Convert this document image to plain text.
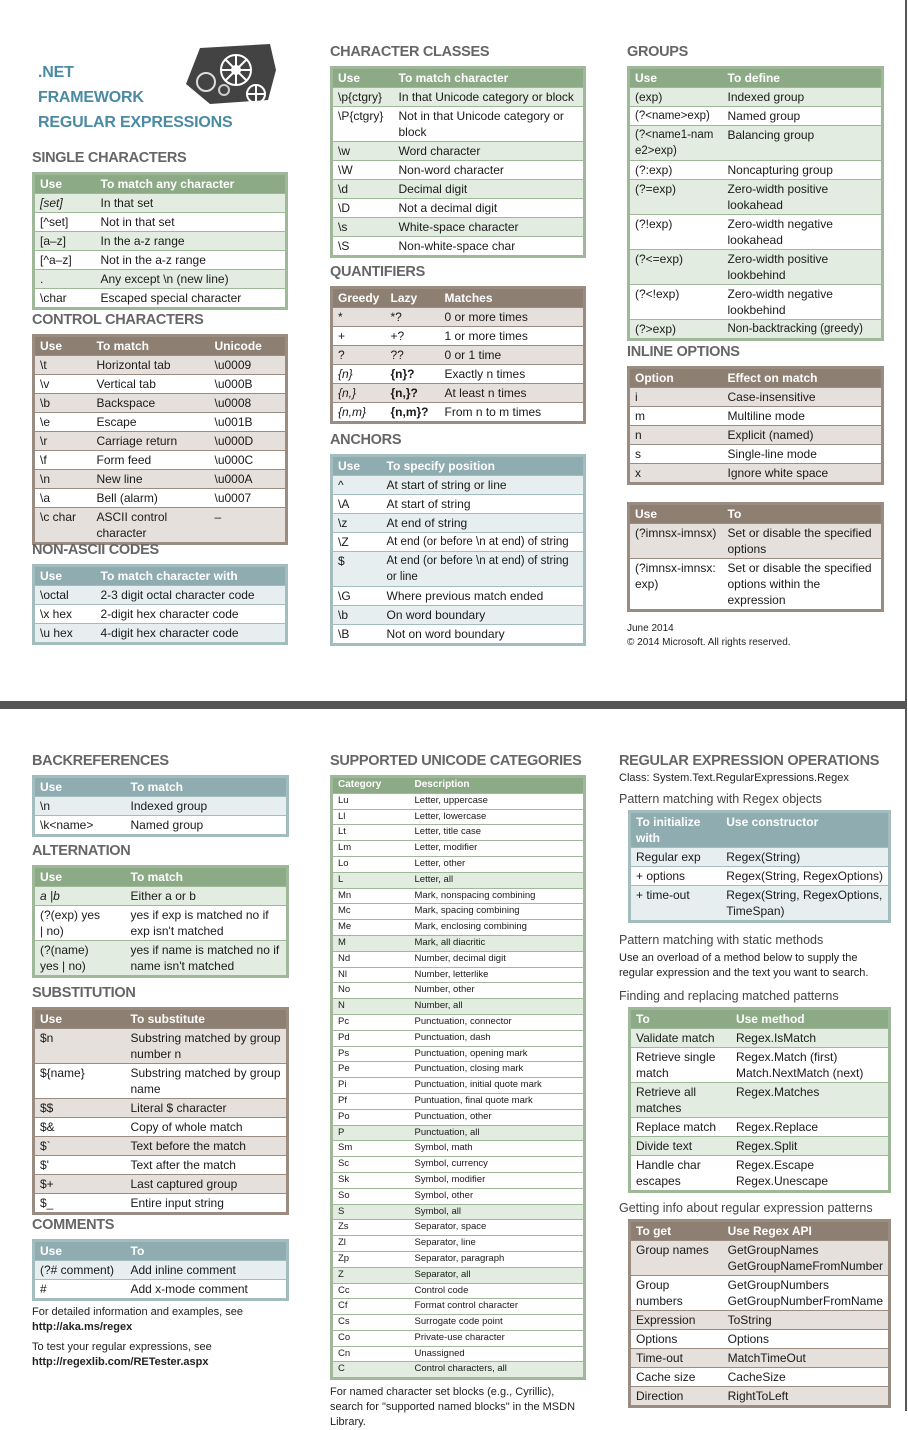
.NET
FRAMEWORK
REGULAR EXPRESSIONS
SINGLE CHARACTERS
Use	To match any character
[set]	In that set
[^set]	Not in that set
[a–z]	In the a-z range
[^a–z]	Not in the a-z range
.	Any except \n (new line)
\char	Escaped special character
CONTROL CHARACTERS
Use	To match	Unicode
\t	Horizontal tab	\u0009
\v	Vertical tab	\u000B
\b	Backspace	\u0008
\e	Escape	\u001B
\r	Carriage return	\u000D
\f	Form feed	\u000C
\n	New line	\u000A
\a	Bell (alarm)	\u0007
\c char	ASCII control character	–
NON-ASCII CODES
Use	To match character with
\octal	2-3 digit octal character code
\x hex	2-digit hex character code
\u hex	4-digit hex character code
CHARACTER CLASSES
Use	To match character
\p{ctgry}	In that Unicode category or block
\P{ctgry}	Not in that Unicode category or block
\w	Word character
\W	Non-word character
\d	Decimal digit
\D	Not a decimal digit
\s	White-space character
\S	Non-white-space char
QUANTIFIERS
Greedy	Lazy	Matches
*	*?	0 or more times
+	+?	1 or more times
?	??	0 or 1 time
{n}	{n}?	Exactly n times
{n,}	{n,}?	At least n times
{n,m}	{n,m}?	From n to m times
ANCHORS
Use	To specify position
^	At start of string or line
\A	At start of string
\z	At end of string
\Z	At end (or before \n at end) of string
$	At end (or before \n at end) of string or line
\G	Where previous match ended
\b	On word boundary
\B	Not on word boundary
GROUPS
Use	To define
(exp)	Indexed group
(?<name>exp)	Named group
(?<name1-name2>exp)	Balancing group
(?:exp)	Noncapturing group
(?=exp)	Zero-width positive lookahead
(?!exp)	Zero-width negative lookahead
(?<=exp)	Zero-width positive lookbehind
(?<!exp)	Zero-width negative lookbehind
(?>exp)	Non-backtracking (greedy)
INLINE OPTIONS
Option	Effect on match
i	Case-insensitive
m	Multiline mode
n	Explicit (named)
s	Single-line mode
x	Ignore white space
Use	To
(?imnsx-imnsx)	Set or disable the specified options
(?imnsx-imnsx:exp)	Set or disable the specified options within the expression
June 2014
© 2014 Microsoft. All rights reserved.
BACKREFERENCES
Use	To match
\n	Indexed group
\k<name>	Named group
ALTERNATION
Use	To match
a |b	Either a or b
(?(exp) yes | no)	yes if exp is matched no if exp isn't matched
(?(name) yes | no)	yes if name is matched no if name isn't matched
SUBSTITUTION
Use	To substitute
$n	Substring matched by group number n
${name}	Substring matched by group name
$$	Literal $ character
$&	Copy of whole match
$`	Text before the match
$'	Text after the match
$+	Last captured group
$_	Entire input string
COMMENTS
Use	To
(?# comment)	Add inline comment
#	Add x-mode comment
For detailed information and examples, see
http://aka.ms/regex
To test your regular expressions, see
http://regexlib.com/RETester.aspx
SUPPORTED UNICODE CATEGORIES
Category	Description
Lu	Letter, uppercase
Ll	Letter, lowercase
Lt	Letter, title case
Lm	Letter, modifier
Lo	Letter, other
L	Letter, all
Mn	Mark, nonspacing combining
Mc	Mark, spacing combining
Me	Mark, enclosing combining
M	Mark, all diacritic
Nd	Number, decimal digit
Nl	Number, letterlike
No	Number, other
N	Number, all
Pc	Punctuation, connector
Pd	Punctuation, dash
Ps	Punctuation, opening mark
Pe	Punctuation, closing mark
Pi	Punctuation, initial quote mark
Pf	Puntuation, final quote mark
Po	Punctuation, other
P	Punctuation, all
Sm	Symbol, math
Sc	Symbol, currency
Sk	Symbol, modifier
So	Symbol, other
S	Symbol, all
Zs	Separator, space
Zl	Separator, line
Zp	Separator, paragraph
Z	Separator, all
Cc	Control code
Cf	Format control character
Cs	Surrogate code point
Co	Private-use character
Cn	Unassigned
C	Control characters, all
For named character set blocks (e.g., Cyrillic), search for "supported named blocks" in the MSDN Library.
REGULAR EXPRESSION OPERATIONS
Class: System.Text.RegularExpressions.Regex
Pattern matching with Regex objects
To initialize with	Use constructor
Regular exp	Regex(String)
+ options	Regex(String, RegexOptions)
+ time-out	Regex(String, RegexOptions, TimeSpan)
Pattern matching with static methods
Use an overload of a method below to supply the regular expression and the text you want to search.
Finding and replacing matched patterns
To	Use method
Validate match	Regex.IsMatch
Retrieve single match	Regex.Match (first) Match.NextMatch (next)
Retrieve all matches	Regex.Matches
Replace match	Regex.Replace
Divide text	Regex.Split
Handle char escapes	Regex.Escape Regex.Unescape
Getting info about regular expression patterns
To get	Use Regex API
Group names	GetGroupNames GetGroupNameFromNumber
Group numbers	GetGroupNumbers GetGroupNumberFromName
Expression	ToString
Options	Options
Time-out	MatchTimeOut
Cache size	CacheSize
Direction	RightToLeft
